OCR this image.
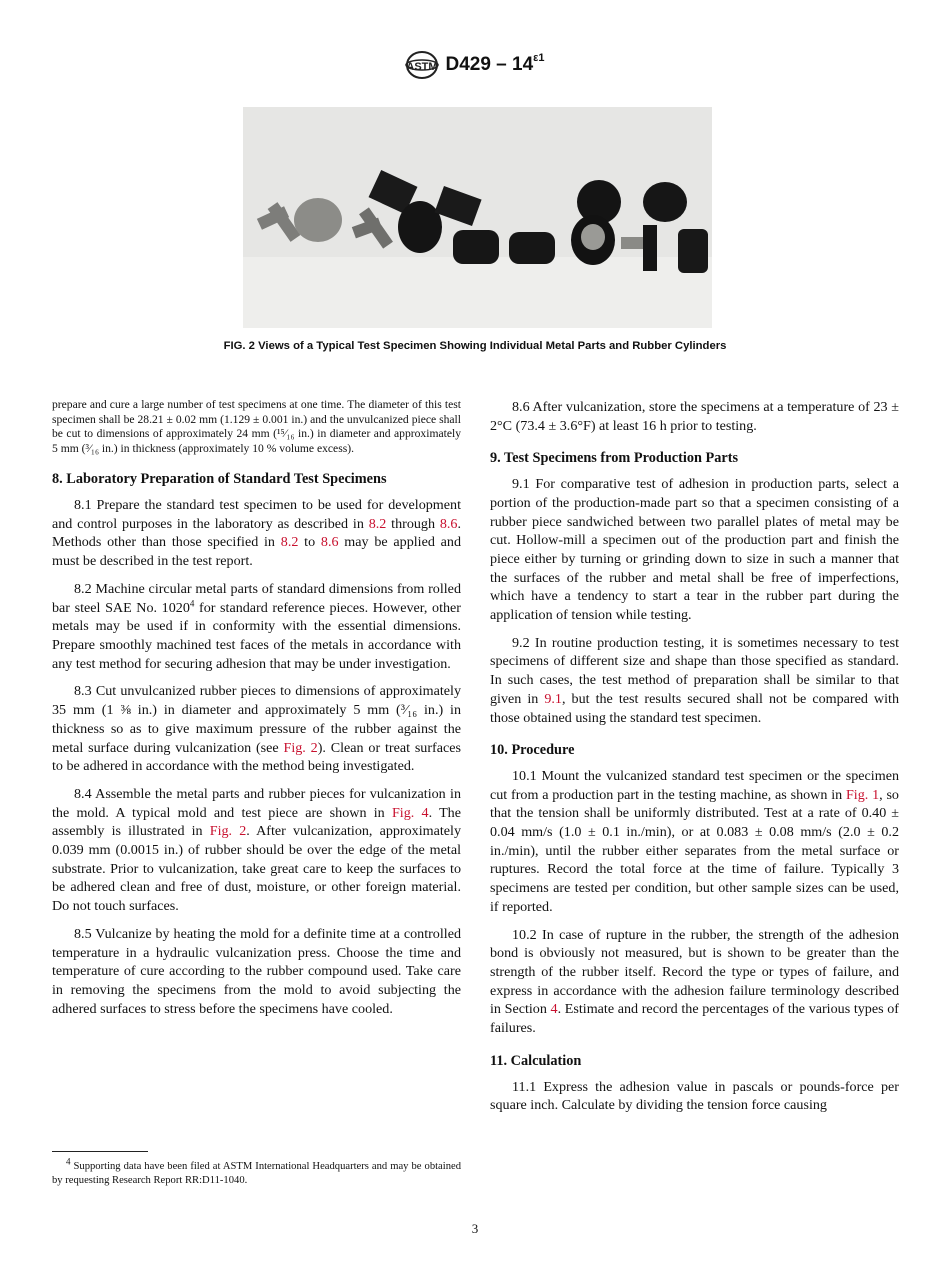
ASTM $D429 - 14^{\varepsilon 1}$
FIG. 2 Views of a Typical Test Specimen Showing Individual Metal Parts and Rubber Cylinders

prepare and cure a large number of test specimens at one time. The diameter of this test specimen shall be 28.21 ± 0.02 mm (1.129 ± 0.001 in.) and the unvulcanized piece shall be cut to dimensions of approximately 24 mm (¹⁵⁄₁₆ in.) in diameter and approximately 5 mm (³⁄₁₆ in.) in thickness (approximately 10 % volume excess).

8. Laboratory Preparation of Standard Test Specimens

8.1 Prepare the standard test specimen to be used for development and control purposes in the laboratory as described in 8.2 through 8.6. Methods other than those specified in 8.2 to 8.6 may be applied and must be described in the test report.

8.2 Machine circular metal parts of standard dimensions from rolled bar steel SAE No. 1020$^4$ for standard reference pieces. However, other metals may be used if in conformity with the essential dimensions. Prepare smoothly machined test faces of the metals in accordance with any test method for securing adhesion that may be under investigation.

8.3 Cut unvulcanized rubber pieces to dimensions of approximately 35 mm (1 ⅜ in.) in diameter and approximately 5 mm (³⁄₁₆ in.) in thickness so as to give maximum pressure of the rubber against the metal surface during vulcanization (see Fig. 2). Clean or treat surfaces to be adhered in accordance with the method being investigated.

8.4 Assemble the metal parts and rubber pieces for vulcanization in the mold. A typical mold and test piece are shown in Fig. 4. The assembly is illustrated in Fig. 2. After vulcanization, approximately 0.039 mm (0.0015 in.) of rubber should be over the edge of the metal substrate. Prior to vulcanization, take great care to keep the surfaces to be adhered clean and free of dust, moisture, or other foreign material. Do not touch surfaces.

8.5 Vulcanize by heating the mold for a definite time at a controlled temperature in a hydraulic vulcanization press. Choose the time and temperature of cure according to the rubber compound used. Take care in removing the specimens from the mold to avoid subjecting the adhered surfaces to stress before the specimens have cooled.

8.6 After vulcanization, store the specimens at a temperature of 23 ± 2°C (73.4 ± 3.6°F) at least 16 h prior to testing.

9. Test Specimens from Production Parts

9.1 For comparative test of adhesion in production parts, select a portion of the production-made part so that a specimen consisting of a rubber piece sandwiched between two parallel plates of metal may be cut. Hollow-mill a specimen out of the production part and finish the piece either by turning or grinding down to size in such a manner that the surfaces of the rubber and metal shall be free of imperfections, which have a tendency to start a tear in the rubber part during the application of tension while testing.

9.2 In routine production testing, it is sometimes necessary to test specimens of different size and shape than those specified as standard. In such cases, the test method of preparation shall be similar to that given in 9.1, but the test results secured shall not be compared with those obtained using the standard test specimen.

10. Procedure

10.1 Mount the vulcanized standard test specimen or the specimen cut from a production part in the testing machine, as shown in Fig. 1, so that the tension shall be uniformly distributed. Test at a rate of 0.40 ± 0.04 mm/s (1.0 ± 0.1 in./min), or at 0.083 ± 0.08 mm/s (2.0 ± 0.2 in./min), until the rubber either separates from the metal surface or ruptures. Record the total force at the time of failure. Typically 3 specimens are tested per condition, but other sample sizes can be used, if reported.

10.2 In case of rupture in the rubber, the strength of the adhesion bond is obviously not measured, but is shown to be greater than the strength of the rubber itself. Record the type or types of failure, and express in accordance with the adhesion failure terminology described in Section 4. Estimate and record the percentages of the various types of failures.

11. Calculation

11.1 Express the adhesion value in pascals or pounds-force per square inch. Calculate by dividing the tension force causing

$^4$ Supporting data have been filed at ASTM International Headquarters and may be obtained by requesting Research Report RR:D11-1040.
3
